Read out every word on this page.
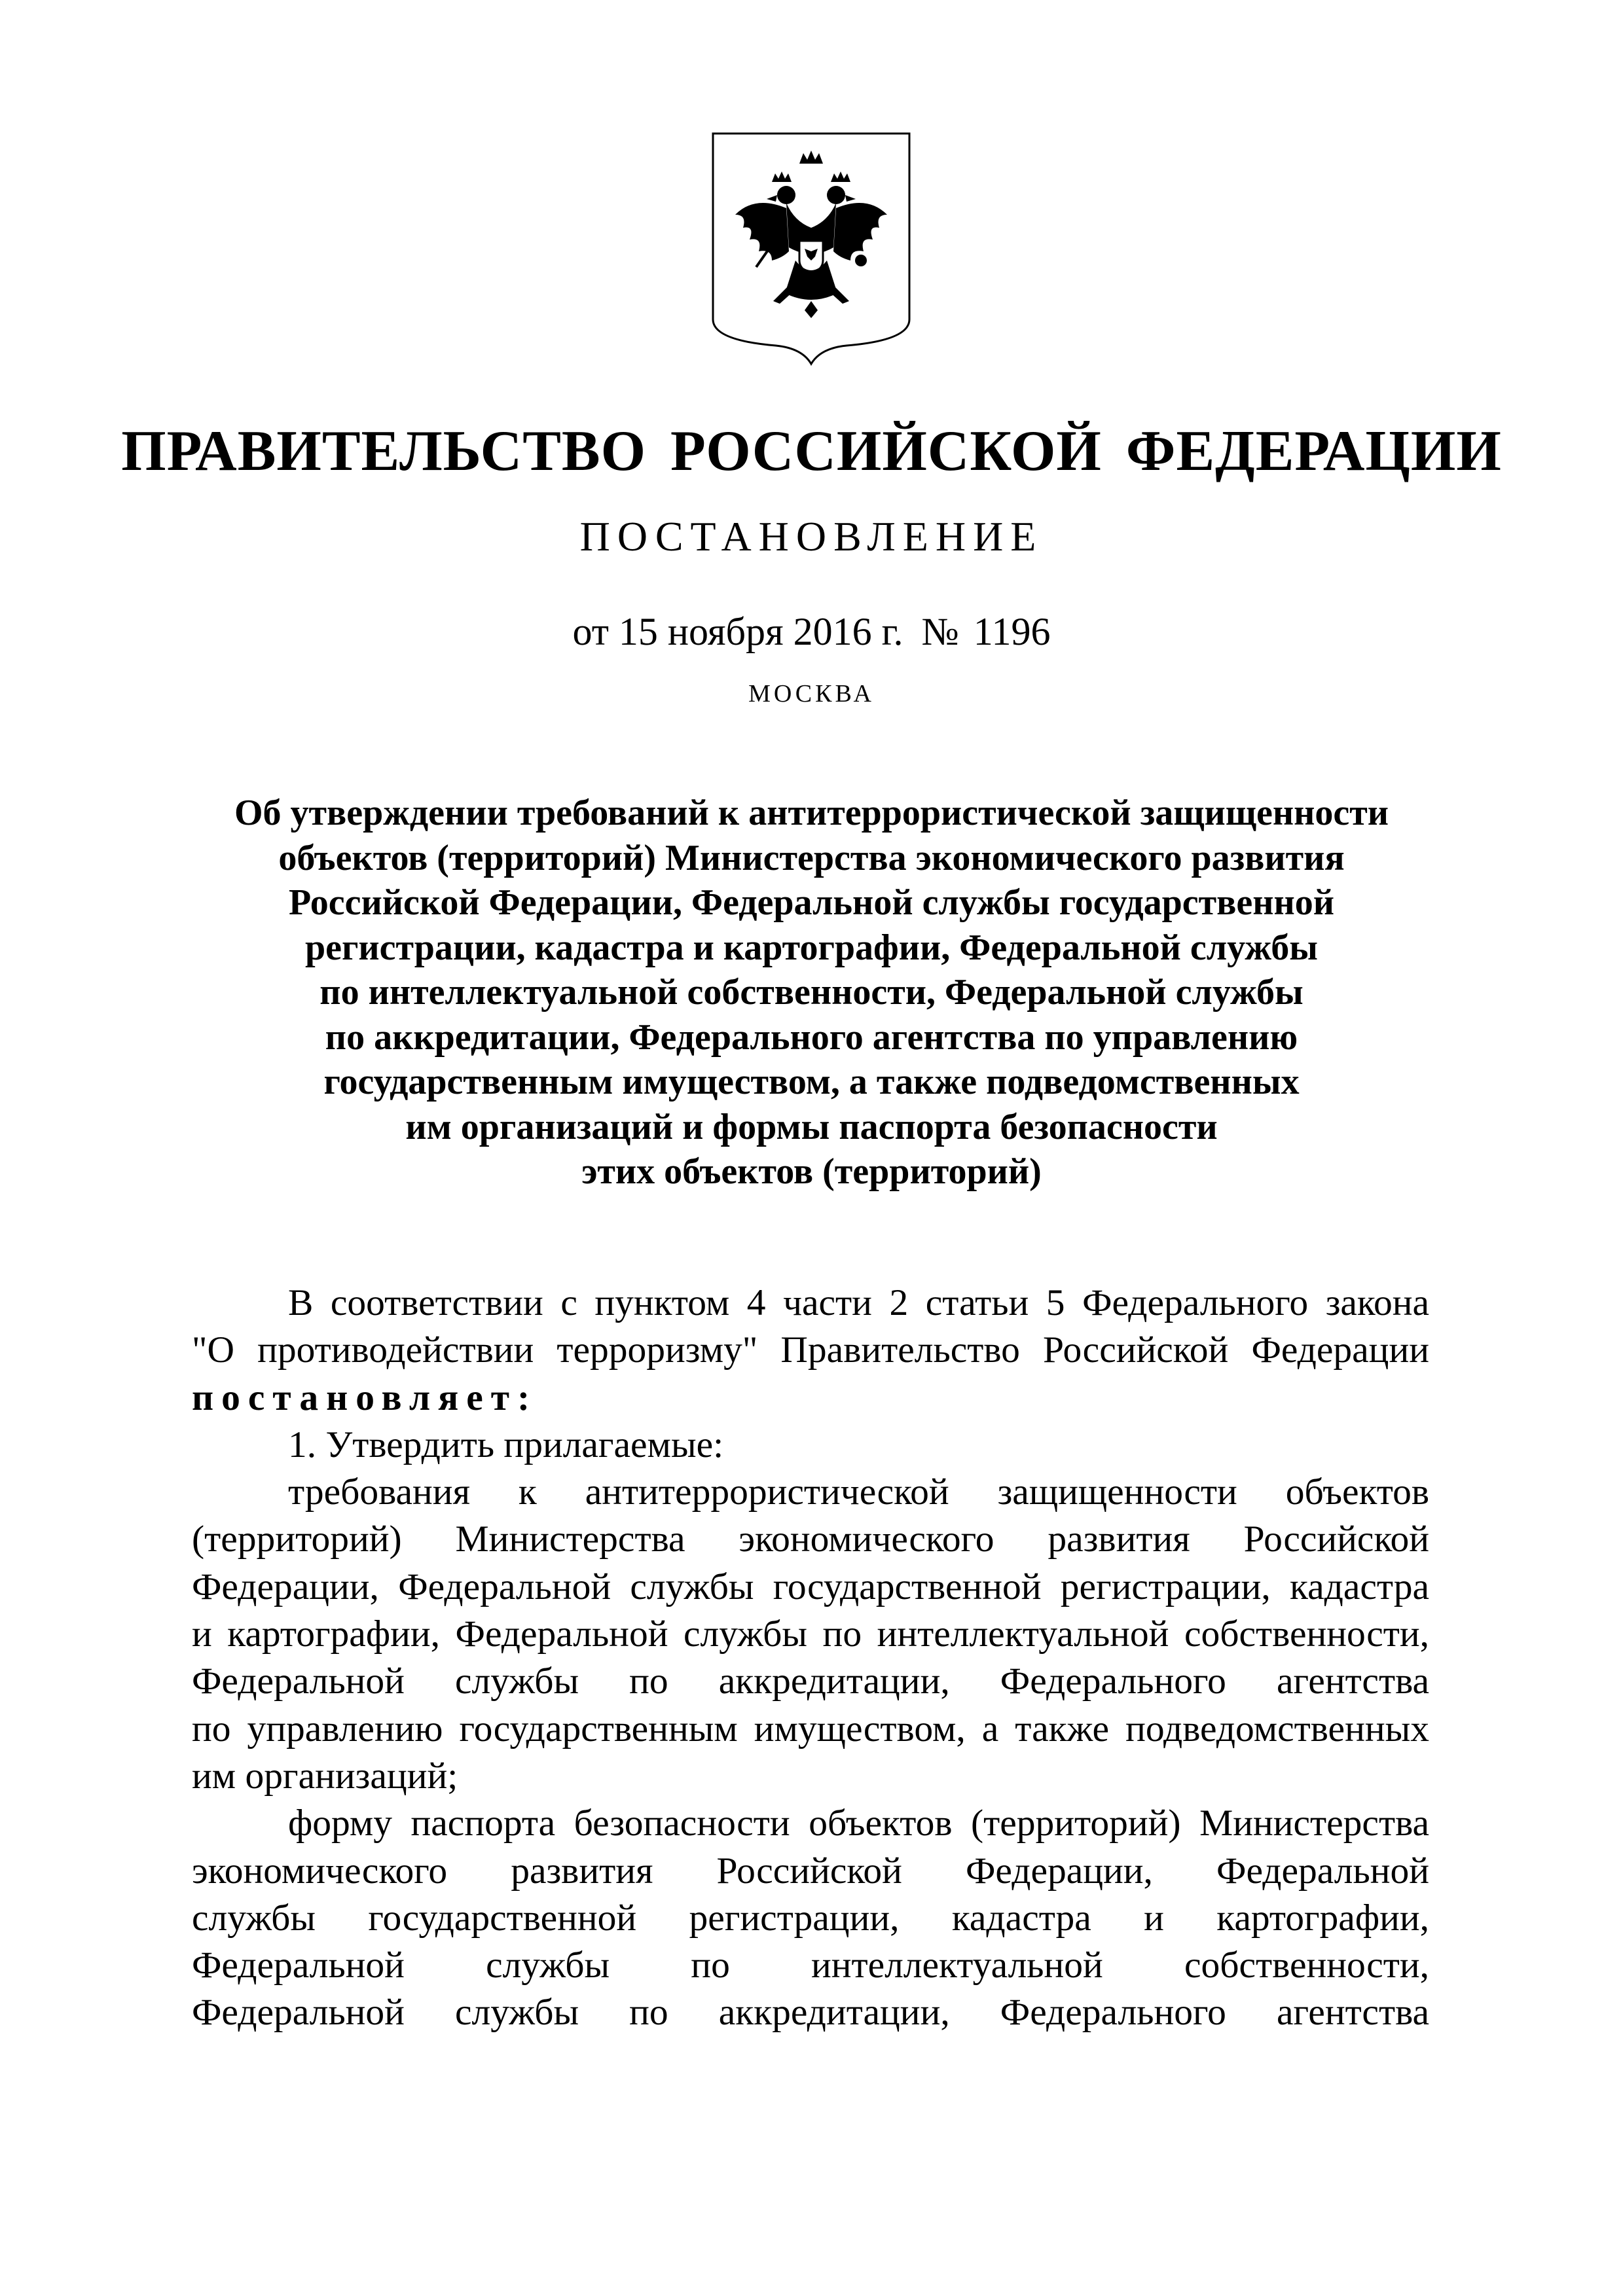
ПРАВИТЕЛЬСТВО РОССИЙСКОЙ ФЕДЕРАЦИИ
ПОСТАНОВЛЕНИЕ
от 15 ноября 2016 г. № 1196
МОСКВА
Об утверждении требований к антитеррористической защищенности
объектов (территорий) Министерства экономического развития
Российской Федерации, Федеральной службы государственной
регистрации, кадастра и картографии, Федеральной службы
по интеллектуальной собственности, Федеральной службы
по аккредитации, Федерального агентства по управлению
государственным имуществом, а также подведомственных
им организаций и формы паспорта безопасности
этих объектов (территорий)
В соответствии с пунктом 4 части 2 статьи 5 Федерального закона
"О противодействии терроризму" Правительство Российской Федерации
постановляет:
1. Утвердить прилагаемые:
требования к антитеррористической защищенности объектов
(территорий) Министерства экономического развития Российской
Федерации, Федеральной службы государственной регистрации, кадастра
и картографии, Федеральной службы по интеллектуальной собственности,
Федеральной службы по аккредитации, Федерального агентства
по управлению государственным имуществом, а также подведомственных
им организаций;
форму паспорта безопасности объектов (территорий) Министерства
экономического развития Российской Федерации, Федеральной
службы государственной регистрации, кадастра и картографии,
Федеральной службы по интеллектуальной собственности,
Федеральной службы по аккредитации, Федерального агентства
